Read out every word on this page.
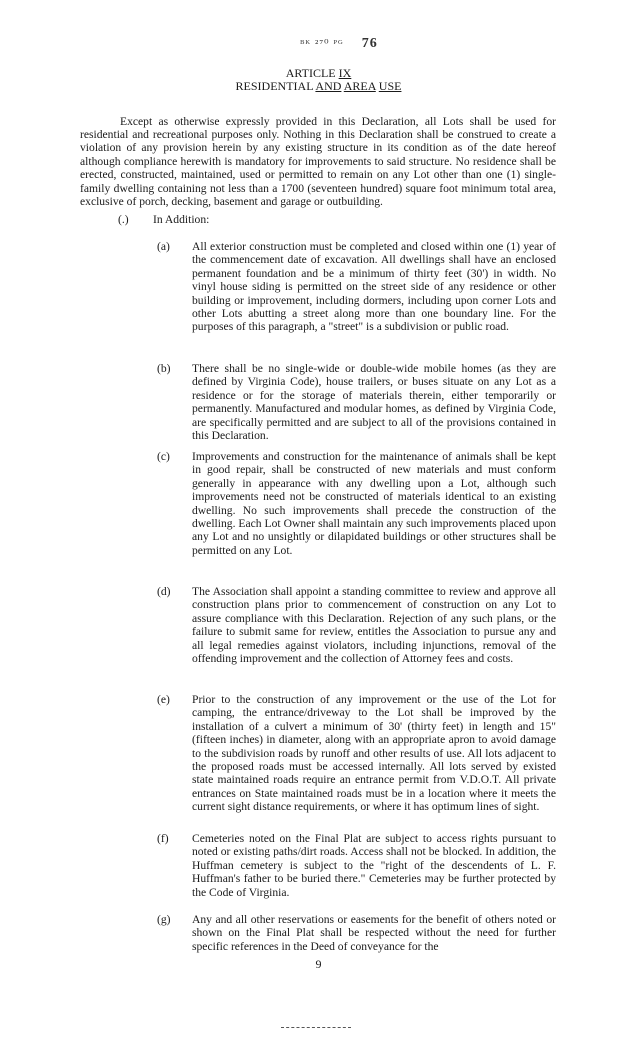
ᴮᴷ ²⁷⁰ ᴾᴳ 76
ARTICLE IX
RESIDENTIAL AND AREA USE

Except as otherwise expressly provided in this Declaration, all Lots shall be used for residential and recreational purposes only. Nothing in this Declaration shall be construed to create a violation of any provision herein by any existing structure in its condition as of the date hereof although compliance herewith is mandatory for improvements to said structure. No residence shall be erected, constructed, maintained, used or permitted to remain on any Lot other than one (1) single-family dwelling containing not less than a 1700 (seventeen hundred) square foot minimum total area, exclusive of porch, decking, basement and garage or outbuilding.

(.) In Addition:
(a) All exterior construction must be completed and closed within one (1) year of the commencement date of excavation. All dwellings shall have an enclosed permanent foundation and be a minimum of thirty feet (30') in width. No vinyl house siding is permitted on the street side of any residence or other building or improvement, including dormers, including upon corner Lots and other Lots abutting a street along more than one boundary line. For the purposes of this paragraph, a "street" is a subdivision or public road.
(b) There shall be no single-wide or double-wide mobile homes (as they are defined by Virginia Code), house trailers, or buses situate on any Lot as a residence or for the storage of materials therein, either temporarily or permanently. Manufactured and modular homes, as defined by Virginia Code, are specifically permitted and are subject to all of the provisions contained in this Declaration.
(c) Improvements and construction for the maintenance of animals shall be kept in good repair, shall be constructed of new materials and must conform generally in appearance with any dwelling upon a Lot, although such improvements need not be constructed of materials identical to an existing dwelling. No such improvements shall precede the construction of the dwelling. Each Lot Owner shall maintain any such improvements placed upon any Lot and no unsightly or dilapidated buildings or other structures shall be permitted on any Lot.
(d) The Association shall appoint a standing committee to review and approve all construction plans prior to commencement of construction on any Lot to assure compliance with this Declaration. Rejection of any such plans, or the failure to submit same for review, entitles the Association to pursue any and all legal remedies against violators, including injunctions, removal of the offending improvement and the collection of Attorney fees and costs.
(e) Prior to the construction of any improvement or the use of the Lot for camping, the entrance/driveway to the Lot shall be improved by the installation of a culvert a minimum of 30' (thirty feet) in length and 15" (fifteen inches) in diameter, along with an appropriate apron to avoid damage to the subdivision roads by runoff and other results of use. All lots adjacent to the proposed roads must be accessed internally. All lots served by existed state maintained roads require an entrance permit from V.D.O.T. All private entrances on State maintained roads must be in a location where it meets the current sight distance requirements, or where it has optimum lines of sight.
(f) Cemeteries noted on the Final Plat are subject to access rights pursuant to noted or existing paths/dirt roads. Access shall not be blocked. In addition, the Huffman cemetery is subject to the "right of the descendents of L. F. Huffman's father to be buried there." Cemeteries may be further protected by the Code of Virginia.
(g) Any and all other reservations or easements for the benefit of others noted or shown on the Final Plat shall be respected without the need for further specific references in the Deed of conveyance for the
9
